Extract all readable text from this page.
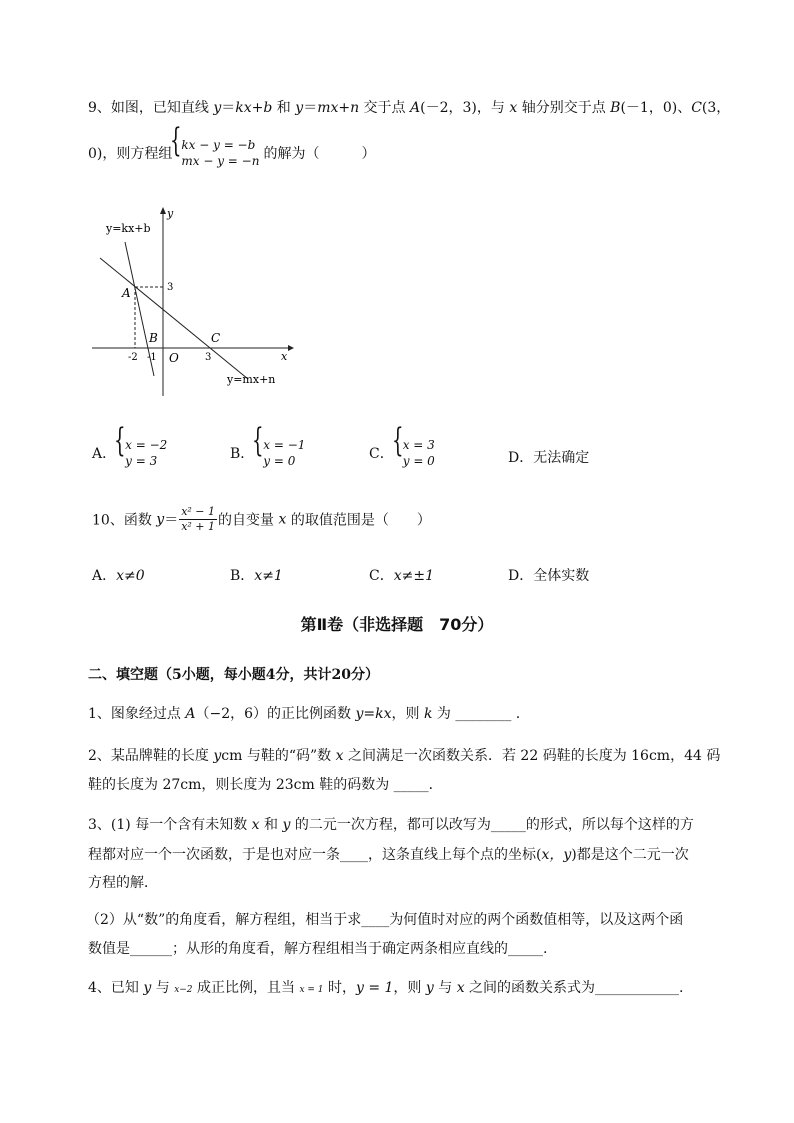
9、如图，已知直线 y＝kx+b 和 y＝mx+n 交于点 A(－2，3)，与 x 轴分别交于点 B(－1，0)、C(3，
0)，则方程组
{ kx − y = −b
mx − y = −n 的解为（　　　）
y=kx+b
y=mx+n
y
x
A
B	C
O
3
-2 -1	3
A．
{ x = −2
y = 3	B．
{ x = −1
y = 0	C．
{ x = 3
y = 0	D．无法确定
10、函数 $y= \frac{\text{x² − 1}}{\text{x² + 1}}$ 的自变量 x 的取值范围是（　　）
A．x≠0	B．x≠1	C．x≠±1	D．全体实数
第Ⅱ卷（非选择题　70分）
二、填空题（5小题，每小题4分，共计20分）
1、图象经过点 A（−2，6）的正比例函数 y=kx，则 k 为 ________ .
2、某品牌鞋的长度 ycm 与鞋的“码”数 x 之间满足一次函数关系．若 22 码鞋的长度为 16cm，44 码
鞋的长度为 27cm，则长度为 23cm 鞋的码数为 _____．
3、(1) 每一个含有未知数 x 和 y 的二元一次方程，都可以改写为_____的形式，所以每个这样的方
程都对应一个一次函数，于是也对应一条____，这条直线上每个点的坐标(x，y)都是这个二元一次
方程的解．
（2）从“数”的角度看，解方程组，相当于求____为何值时对应的两个函数值相等，以及这两个函
数值是______；从形的角度看，解方程组相当于确定两条相应直线的_____.
4、已知 y 与 x−2 成正比例，且当 x = 1 时，y = 1，则 y 与 x 之间的函数关系式为____________.
